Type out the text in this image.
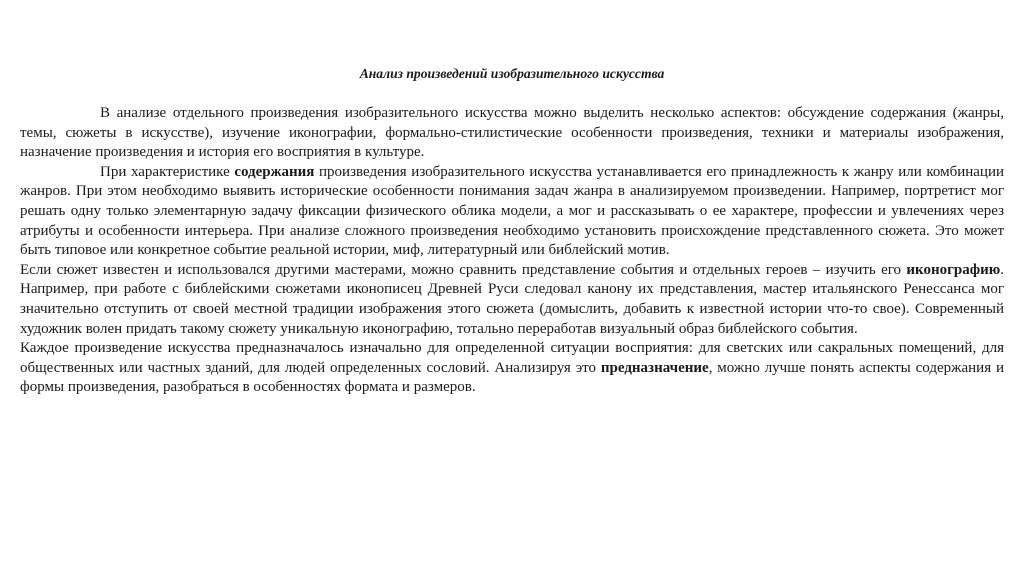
Анализ произведений изобразительного искусства

В анализе отдельного произведения изобразительного искусства можно выделить несколько аспектов: обсуждение содержания (жанры, темы, сюжеты в искусстве), изучение иконографии, формально-стилистические особенности произведения, техники и материалы изображения, назначение произведения и история его восприятия в культуре.

При характеристике содержания произведения изобразительного искусства устанавливается его принадлежность к жанру или комбинации жанров. При этом необходимо выявить исторические особенности понимания задач жанра в анализируемом произведении. Например, портретист мог решать одну только элементарную задачу фиксации физического облика модели, а мог и рассказывать о ее характере, профессии и увлечениях через атрибуты и особенности интерьера. При анализе сложного произведения необходимо установить происхождение представленного сюжета. Это может быть типовое или конкретное событие реальной истории, миф, литературный или библейский мотив.

Если сюжет известен и использовался другими мастерами, можно сравнить представление события и отдельных героев – изучить его иконографию. Например, при работе с библейскими сюжетами иконописец Древней Руси следовал канону их представления, мастер итальянского Ренессанса мог значительно отступить от своей местной традиции изображения этого сюжета (домыслить, добавить к известной истории что-то свое). Современный художник волен придать такому сюжету уникальную иконографию, тотально переработав визуальный образ библейского события.

Каждое произведение искусства предназначалось изначально для определенной ситуации восприятия: для светских или сакральных помещений, для общественных или частных зданий, для людей определенных сословий. Анализируя это предназначение, можно лучше понять аспекты содержания и формы произведения, разобраться в особенностях формата и размеров.
